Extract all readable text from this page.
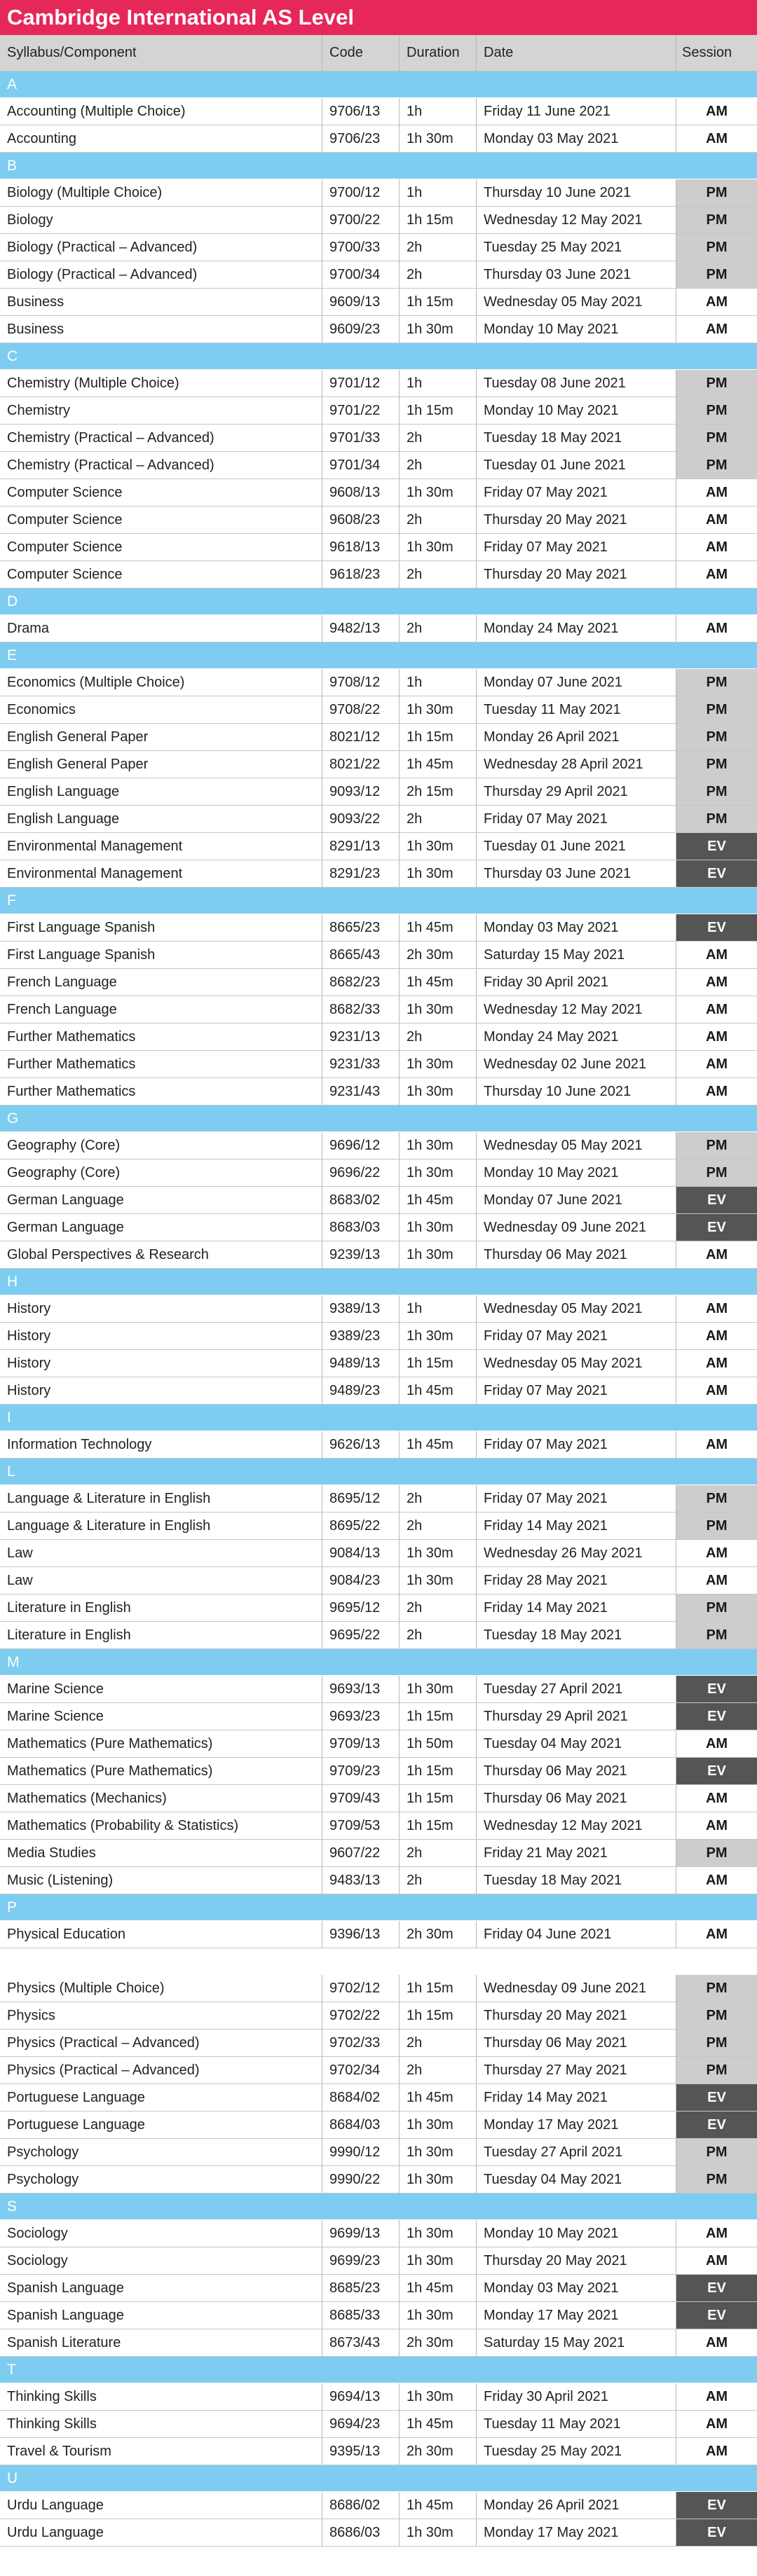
Cambridge International AS Level
Syllabus/Component	Code	Duration	Date	Session
A
Accounting (Multiple Choice)	9706/13	1h	Friday 11 June 2021	AM
Accounting	9706/23	1h 30m	Monday 03 May 2021	AM
B
Biology (Multiple Choice)	9700/12	1h	Thursday 10 June 2021	PM
Biology	9700/22	1h 15m	Wednesday 12 May 2021	PM
Biology (Practical – Advanced)	9700/33	2h	Tuesday 25 May 2021	PM
Biology (Practical – Advanced)	9700/34	2h	Thursday 03 June 2021	PM
Business	9609/13	1h 15m	Wednesday 05 May 2021	AM
Business	9609/23	1h 30m	Monday 10 May 2021	AM
C
Chemistry (Multiple Choice)	9701/12	1h	Tuesday 08 June 2021	PM
Chemistry	9701/22	1h 15m	Monday 10 May 2021	PM
Chemistry (Practical – Advanced)	9701/33	2h	Tuesday 18 May 2021	PM
Chemistry (Practical – Advanced)	9701/34	2h	Tuesday 01 June 2021	PM
Computer Science	9608/13	1h 30m	Friday 07 May 2021	AM
Computer Science	9608/23	2h	Thursday 20 May 2021	AM
Computer Science	9618/13	1h 30m	Friday 07 May 2021	AM
Computer Science	9618/23	2h	Thursday 20 May 2021	AM
D
Drama	9482/13	2h	Monday 24 May 2021	AM
E
Economics (Multiple Choice)	9708/12	1h	Monday 07 June 2021	PM
Economics	9708/22	1h 30m	Tuesday 11 May 2021	PM
English General Paper	8021/12	1h 15m	Monday 26 April 2021	PM
English General Paper	8021/22	1h 45m	Wednesday 28 April 2021	PM
English Language	9093/12	2h 15m	Thursday 29 April 2021	PM
English Language	9093/22	2h	Friday 07 May 2021	PM
Environmental Management	8291/13	1h 30m	Tuesday 01 June 2021	EV
Environmental Management	8291/23	1h 30m	Thursday 03 June 2021	EV
F
First Language Spanish	8665/23	1h 45m	Monday 03 May 2021	EV
First Language Spanish	8665/43	2h 30m	Saturday 15 May 2021	AM
French Language	8682/23	1h 45m	Friday 30 April 2021	AM
French Language	8682/33	1h 30m	Wednesday 12 May 2021	AM
Further Mathematics	9231/13	2h	Monday 24 May 2021	AM
Further Mathematics	9231/33	1h 30m	Wednesday 02 June 2021	AM
Further Mathematics	9231/43	1h 30m	Thursday 10 June 2021	AM
G
Geography (Core)	9696/12	1h 30m	Wednesday 05 May 2021	PM
Geography (Core)	9696/22	1h 30m	Monday 10 May 2021	PM
German Language	8683/02	1h 45m	Monday 07 June 2021	EV
German Language	8683/03	1h 30m	Wednesday 09 June 2021	EV
Global Perspectives & Research	9239/13	1h 30m	Thursday 06 May 2021	AM
H
History	9389/13	1h	Wednesday 05 May 2021	AM
History	9389/23	1h 30m	Friday 07 May 2021	AM
History	9489/13	1h 15m	Wednesday 05 May 2021	AM
History	9489/23	1h 45m	Friday 07 May 2021	AM
I
Information Technology	9626/13	1h 45m	Friday 07 May 2021	AM
L
Language & Literature in English	8695/12	2h	Friday 07 May 2021	PM
Language & Literature in English	8695/22	2h	Friday 14 May 2021	PM
Law	9084/13	1h 30m	Wednesday 26 May 2021	AM
Law	9084/23	1h 30m	Friday 28 May 2021	AM
Literature in English	9695/12	2h	Friday 14 May 2021	PM
Literature in English	9695/22	2h	Tuesday 18 May 2021	PM
M
Marine Science	9693/13	1h 30m	Tuesday 27 April 2021	EV
Marine Science	9693/23	1h 15m	Thursday 29 April 2021	EV
Mathematics (Pure Mathematics)	9709/13	1h 50m	Tuesday 04 May 2021	AM
Mathematics (Pure Mathematics)	9709/23	1h 15m	Thursday 06 May 2021	EV
Mathematics (Mechanics)	9709/43	1h 15m	Thursday 06 May 2021	AM
Mathematics (Probability & Statistics)	9709/53	1h 15m	Wednesday 12 May 2021	AM
Media Studies	9607/22	2h	Friday 21 May 2021	PM
Music (Listening)	9483/13	2h	Tuesday 18 May 2021	AM
P
Physical Education	9396/13	2h 30m	Friday 04 June 2021	AM
Physics (Multiple Choice)	9702/12	1h 15m	Wednesday 09 June 2021	PM
Physics	9702/22	1h 15m	Thursday 20 May 2021	PM
Physics (Practical – Advanced)	9702/33	2h	Thursday 06 May 2021	PM
Physics (Practical – Advanced)	9702/34	2h	Thursday 27 May 2021	PM
Portuguese Language	8684/02	1h 45m	Friday 14 May 2021	EV
Portuguese Language	8684/03	1h 30m	Monday 17 May 2021	EV
Psychology	9990/12	1h 30m	Tuesday 27 April 2021	PM
Psychology	9990/22	1h 30m	Tuesday 04 May 2021	PM
S
Sociology	9699/13	1h 30m	Monday 10 May 2021	AM
Sociology	9699/23	1h 30m	Thursday 20 May 2021	AM
Spanish Language	8685/23	1h 45m	Monday 03 May 2021	EV
Spanish Language	8685/33	1h 30m	Monday 17 May 2021	EV
Spanish Literature	8673/43	2h 30m	Saturday 15 May 2021	AM
T
Thinking Skills	9694/13	1h 30m	Friday 30 April 2021	AM
Thinking Skills	9694/23	1h 45m	Tuesday 11 May 2021	AM
Travel & Tourism	9395/13	2h 30m	Tuesday 25 May 2021	AM
U
Urdu Language	8686/02	1h 45m	Monday 26 April 2021	EV
Urdu Language	8686/03	1h 30m	Monday 17 May 2021	EV
